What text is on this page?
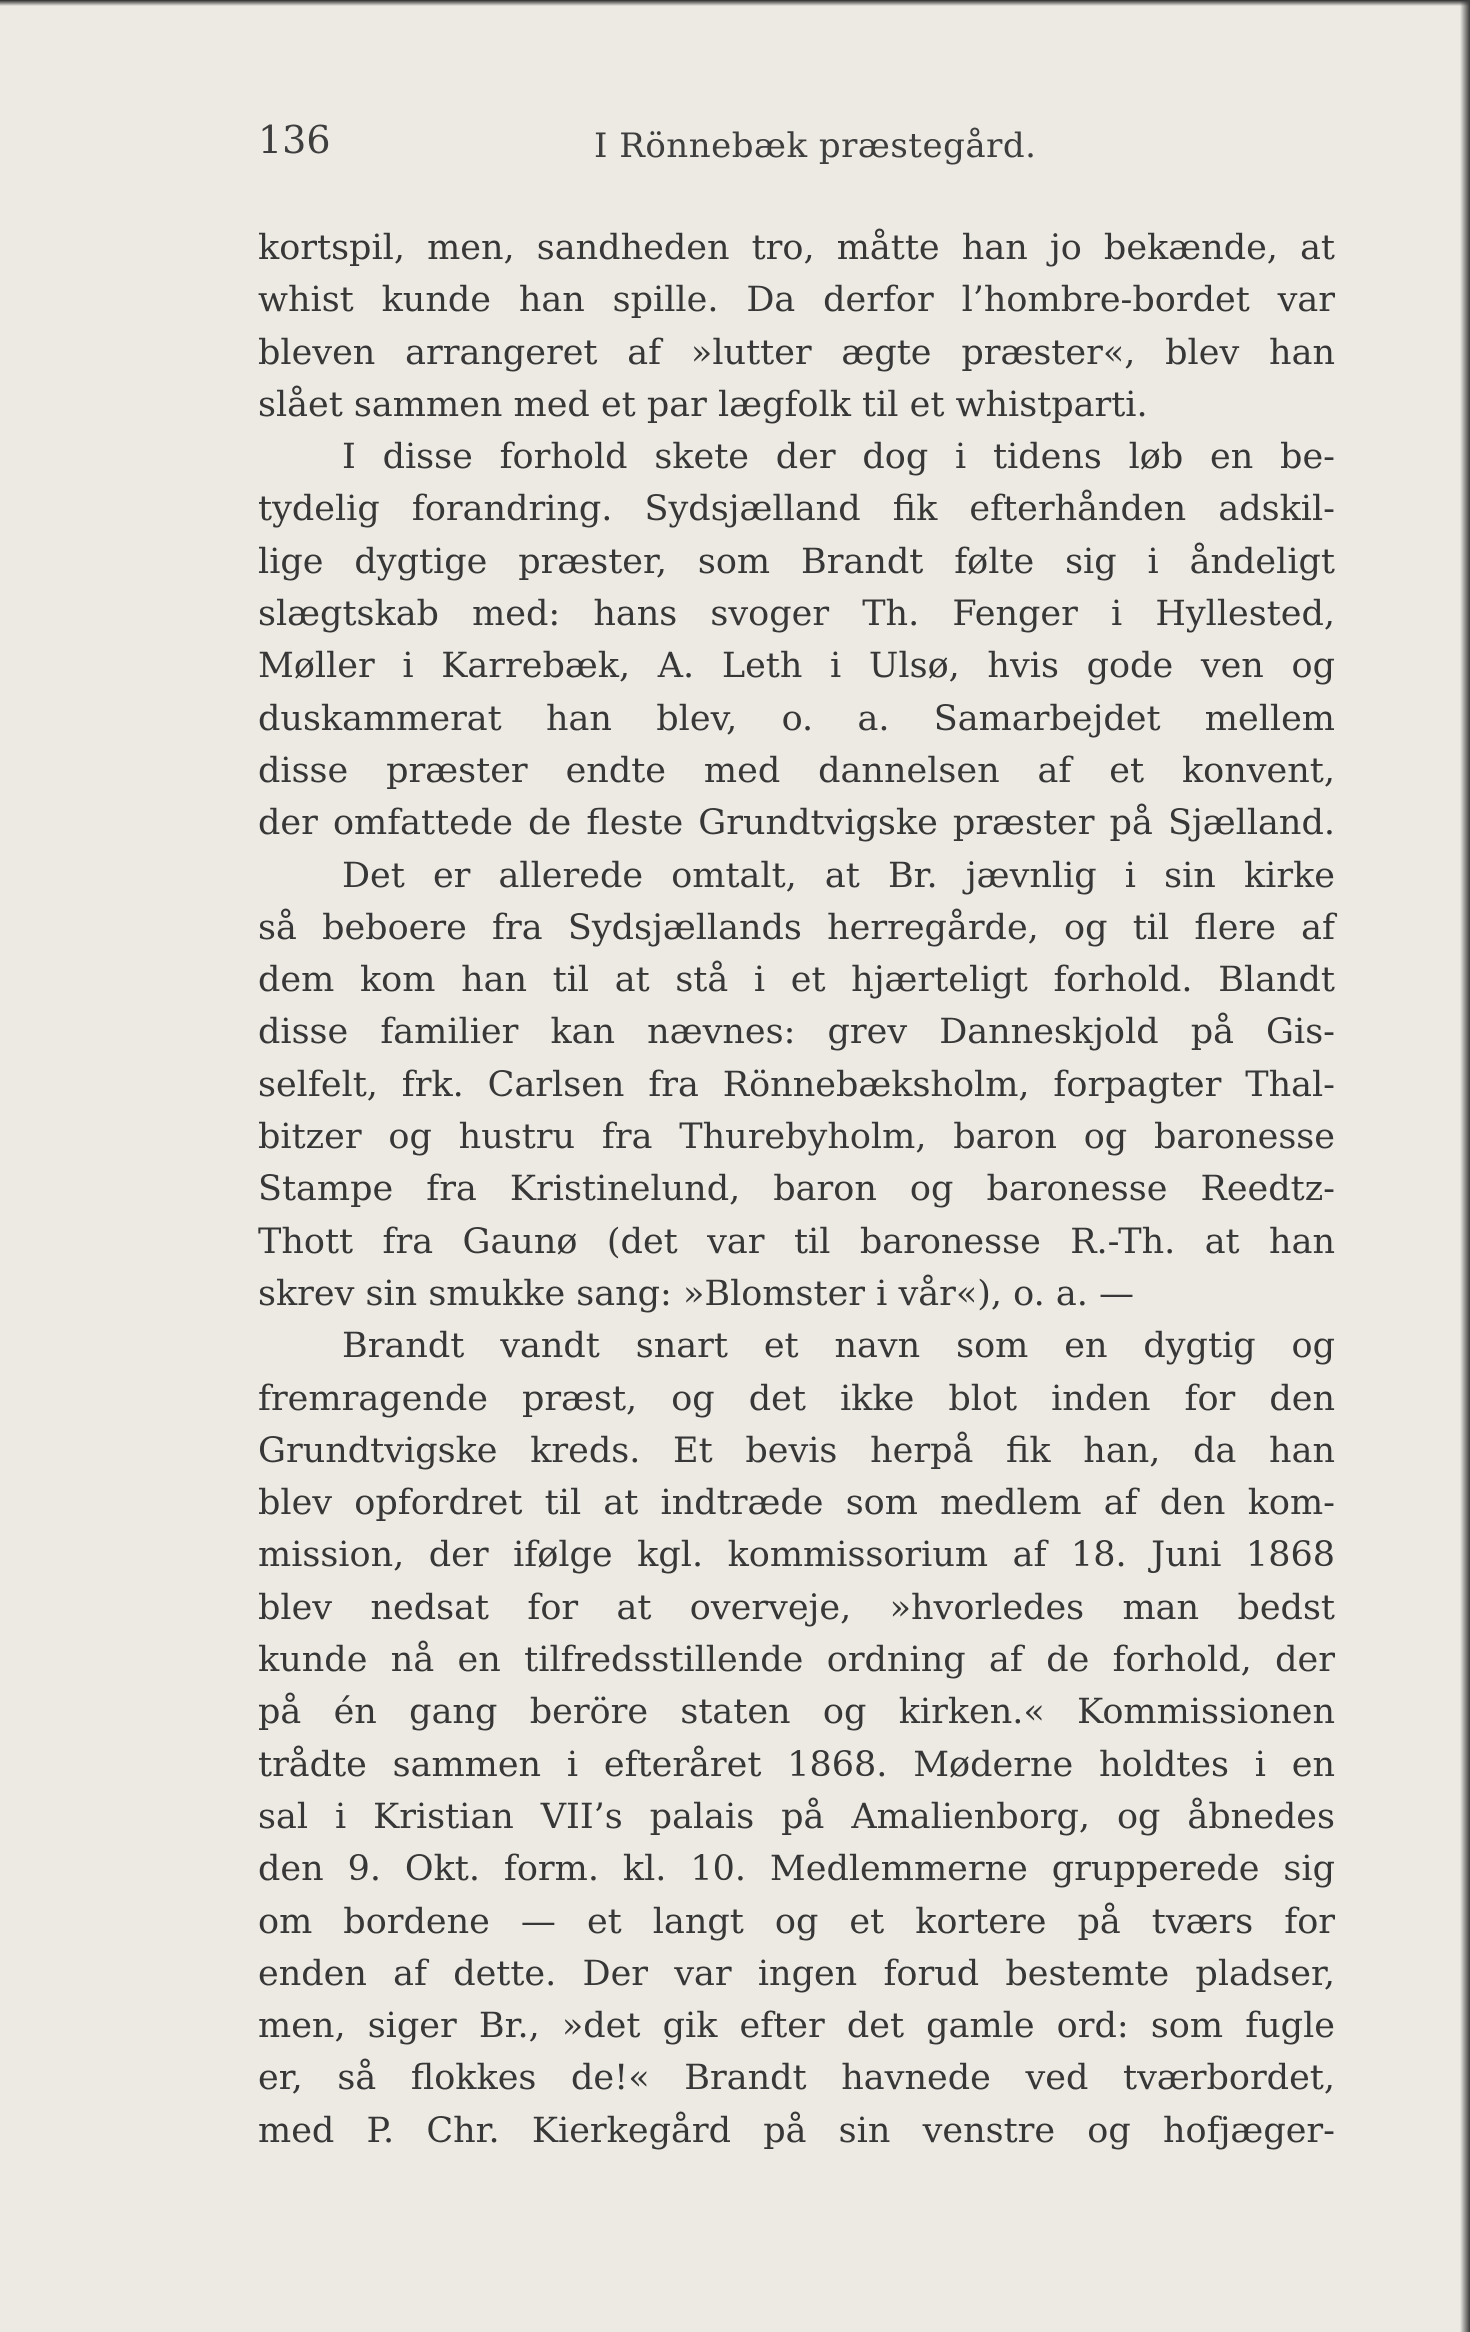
136	I Rönnebæk præstegård.
kortspil, men, sandheden tro, måtte han jo bekænde, at
whist kunde han spille. Da derfor l’hombre-bordet var
bleven arrangeret af »lutter ægte præster«, blev han
slået sammen med et par lægfolk til et whistparti.
I disse forhold skete der dog i tidens løb en be-
tydelig forandring. Sydsjælland fik efterhånden adskil-
lige dygtige præster, som Brandt følte sig i åndeligt
slægtskab med: hans svoger Th. Fenger i Hyllested,
Møller i Karrebæk, A. Leth i Ulsø, hvis gode ven og
duskammerat han blev, o. a. Samarbejdet mellem
disse præster endte med dannelsen af et konvent,
der omfattede de fleste Grundtvigske præster på Sjælland.
Det er allerede omtalt, at Br. jævnlig i sin kirke
så beboere fra Sydsjællands herregårde, og til flere af
dem kom han til at stå i et hjærteligt forhold. Blandt
disse familier kan nævnes: grev Danneskjold på Gis-
selfelt, frk. Carlsen fra Rönnebæksholm, forpagter Thal-
bitzer og hustru fra Thurebyholm, baron og baronesse
Stampe fra Kristinelund, baron og baronesse Reedtz-
Thott fra Gaunø (det var til baronesse R.-Th. at han
skrev sin smukke sang: »Blomster i vår«), o. a. —
Brandt vandt snart et navn som en dygtig og
fremragende præst, og det ikke blot inden for den
Grundtvigske kreds. Et bevis herpå fik han, da han
blev opfordret til at indtræde som medlem af den kom-
mission, der ifølge kgl. kommissorium af 18. Juni 1868
blev nedsat for at overveje, »hvorledes man bedst
kunde nå en tilfredsstillende ordning af de forhold, der
på én gang beröre staten og kirken.« Kommissionen
trådte sammen i efteråret 1868. Møderne holdtes i en
sal i Kristian VII’s palais på Amalienborg, og åbnedes
den 9. Okt. form. kl. 10. Medlemmerne grupperede sig
om bordene — et langt og et kortere på tværs for
enden af dette. Der var ingen forud bestemte pladser,
men, siger Br., »det gik efter det gamle ord: som fugle
er, så flokkes de!« Brandt havnede ved tværbordet,
med P. Chr. Kierkegård på sin venstre og hofjæger-
